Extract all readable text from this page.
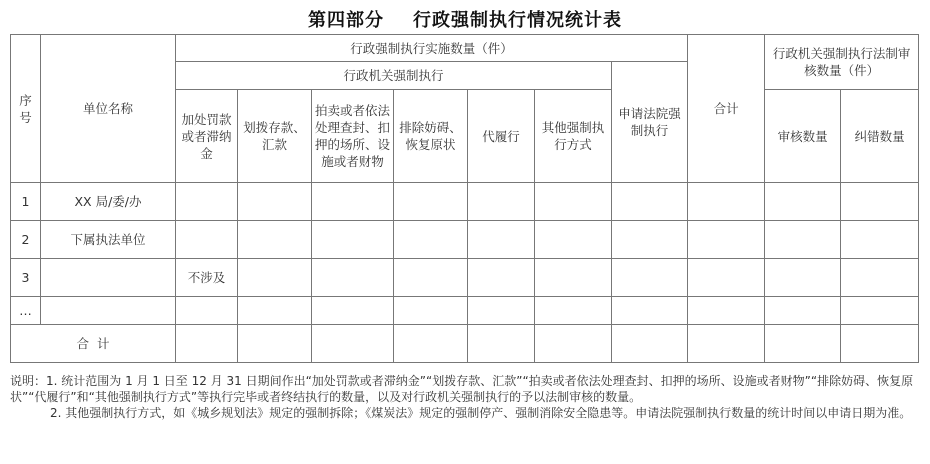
第四部分    行政强制执行情况统计表
序号	单位名称	行政强制执行实施数量（件）							合计	行政机关强制执行法制审核数量（件）	
		行政机关强制执行						申请法院强制执行			
		加处罚款或者滞纳金	划拨存款、汇款	拍卖或者依法处理查封、扣押的场所、设施或者财物	排除妨碍、恢复原状	代履行	其他强制执行方式			审核数量	纠错数量
1	XX 局/委/办										
2	下属执法单位										
3		不涉及									
…											
合  计											

说明：1. 统计范围为 1 月 1 日至 12 月 31 日期间作出“加处罚款或者滞纳金”“划拨存款、汇款”“拍卖或者依法处理查封、扣押的场所、设施或者财物”“排除妨碍、恢复原状”“代履行”和“其他强制执行方式”等执行完毕或者终结执行的数量，以及对行政机关强制执行的予以法制审核的数量。

2. 其他强制执行方式，如《城乡规划法》规定的强制拆除；《煤炭法》规定的强制停产、强制消除安全隐患等。申请法院强制执行数量的统计时间以申请日期为准。
